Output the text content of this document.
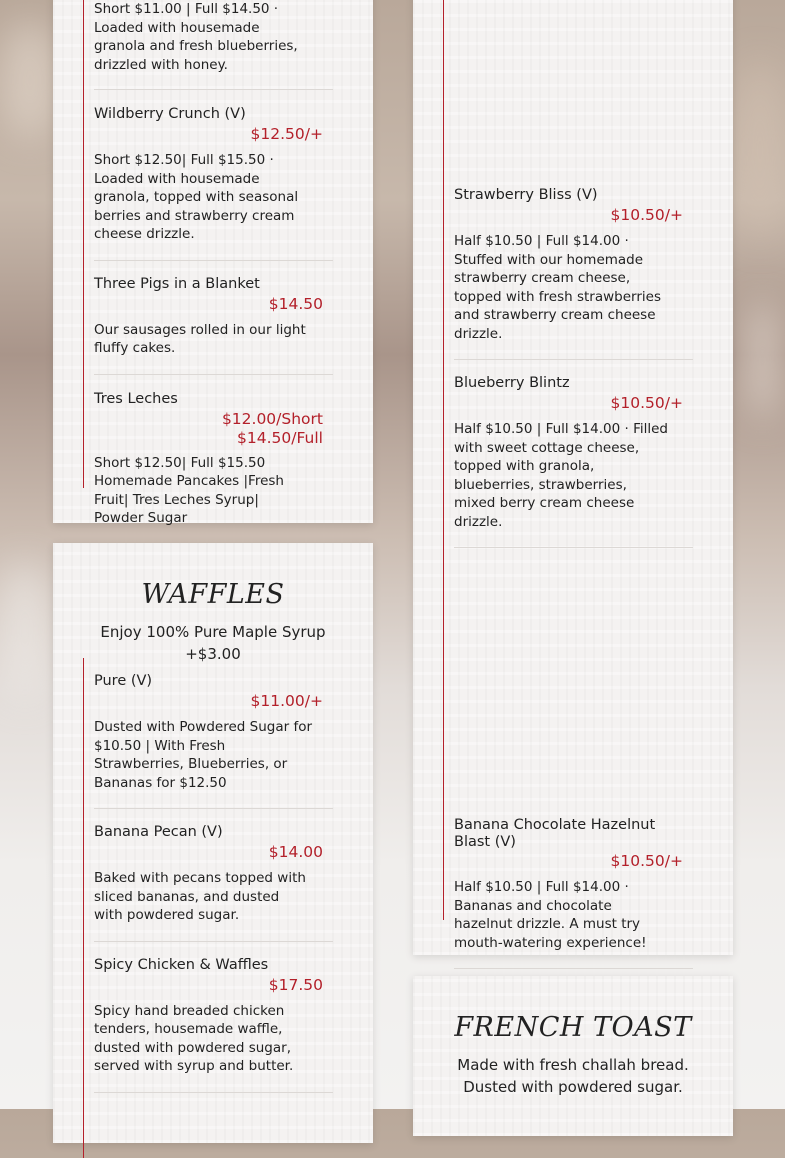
Short $11.00 | Full $14.50 · Loaded with housemade granola and fresh blueberries, drizzled with honey.
Wildberry Crunch (V)
$12.50/+
Short $12.50| Full $15.50 · Loaded with housemade granola, topped with seasonal berries and strawberry cream cheese drizzle.
Three Pigs in a Blanket
$14.50
Our sausages rolled in our light fluffy cakes.
Tres Leches
$12.00/Short
$14.50/Full
Short $12.50| Full $15.50 Homemade Pancakes |Fresh Fruit| Tres Leches Syrup| Powder Sugar
WAFFLES
Enjoy 100% Pure Maple Syrup +$3.00
Pure (V)
$11.00/+
Dusted with Powdered Sugar for $10.50 | With Fresh Strawberries, Blueberries, or Bananas for $12.50
Banana Pecan (V)
$14.00
Baked with pecans topped with sliced bananas, and dusted with powdered sugar.
Spicy Chicken & Waffles
$17.50
Spicy hand breaded chicken tenders, housemade waffle, dusted with powdered sugar, served with syrup and butter.
Strawberry Bliss (V)
$10.50/+
Half $10.50 | Full $14.00 · Stuffed with our homemade strawberry cream cheese, topped with fresh strawberries and strawberry cream cheese drizzle.
Blueberry Blintz
$10.50/+
Half $10.50 | Full $14.00 · Filled with sweet cottage cheese, topped with granola, blueberries, strawberries, mixed berry cream cheese drizzle.
Banana Chocolate Hazelnut Blast (V)
$10.50/+
Half $10.50 | Full $14.00 · Bananas and chocolate hazelnut drizzle. A must try mouth-watering experience!
FRENCH TOAST
Made with fresh challah bread. Dusted with powdered sugar.
